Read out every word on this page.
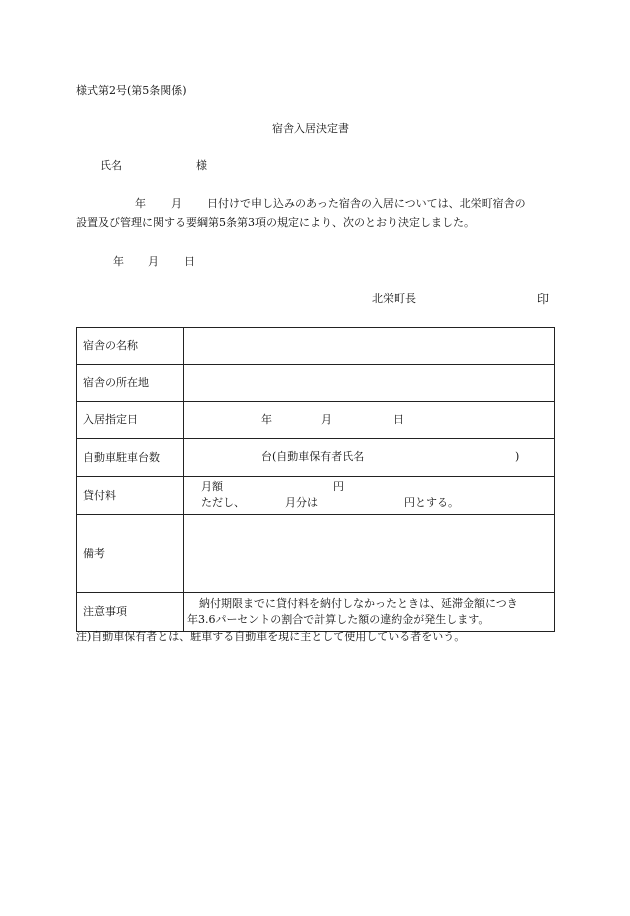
様式第2号(第5条関係)
宿舎入居決定書
氏名	様
年 月 日付けで申し込みのあった宿舎の入居については、北栄町宿舎の
設置及び管理に関する要綱第5条第3項の規定により、次のとおり決定しました。
年 月 日
北栄町長	印
宿舎の名称	
宿舎の所在地	
入居指定日	年 月 日

自動車駐車台数	台(自動車保有者氏名 )

貸付料	月額 円
ただし、 月分は 円とする。

備考	
注意事項	納付期限までに貸付料を納付しなかったときは、延滞金額につき
年3.6パーセントの割合で計算した額の違約金が発生します。
注)自動車保有者とは、駐車する自動車を現に主として使用している者をいう。
